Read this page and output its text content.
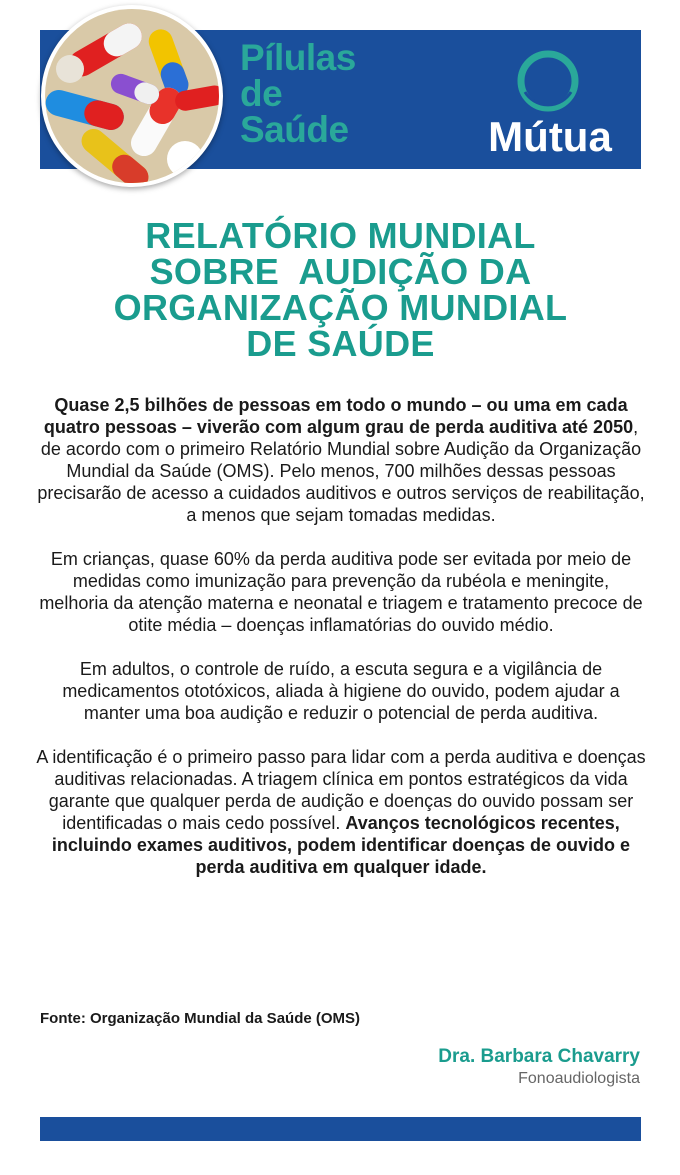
Pílulas
de
Saúde	Mútua
RELATÓRIO MUNDIAL
SOBRE  AUDIÇÃO DA
ORGANIZAÇÃO MUNDIAL
DE SAÚDE

Quase 2,5 bilhões de pessoas em todo o mundo – ou uma em cada quatro pessoas – viverão com algum grau de perda auditiva até 2050, de acordo com o primeiro Relatório Mundial sobre Audição da Organização Mundial da Saúde (OMS). Pelo menos, 700 milhões dessas pessoas precisarão de acesso a cuidados auditivos e outros serviços de reabilitação, a menos que sejam tomadas medidas.

Em crianças, quase 60% da perda auditiva pode ser evitada por meio de medidas como imunização para prevenção da rubéola e meningite, melhoria da atenção materna e neonatal e triagem e tratamento precoce de otite média – doenças inflamatórias do ouvido médio.

Em adultos, o controle de ruído, a escuta segura e a vigilância de medicamentos ototóxicos, aliada à higiene do ouvido, podem ajudar a manter uma boa audição e reduzir o potencial de perda auditiva.

A identificação é o primeiro passo para lidar com a perda auditiva e doenças auditivas relacionadas. A triagem clínica em pontos estratégicos da vida garante que qualquer perda de audição e doenças do ouvido possam ser identificadas o mais cedo possível. Avanços tecnológicos recentes, incluindo exames auditivos, podem identificar doenças de ouvido e perda auditiva em qualquer idade.

Fonte: Organização Mundial da Saúde (OMS)
Dra. Barbara Chavarry
Fonoaudiologista
